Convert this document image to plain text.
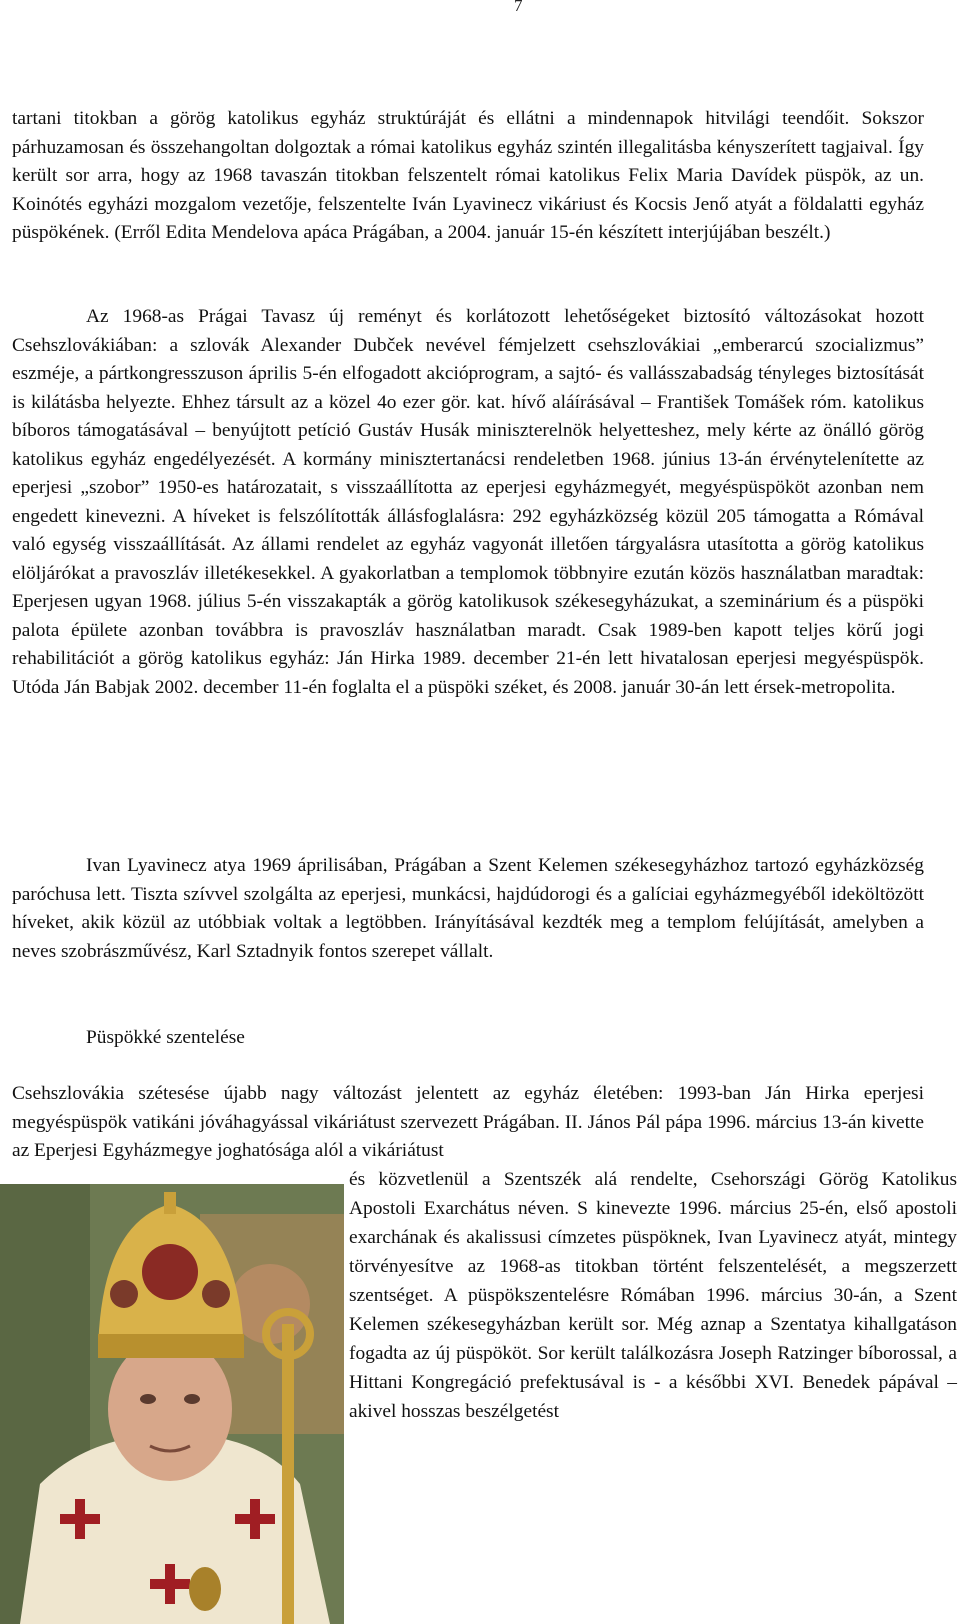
7

tartani titokban a görög katolikus egyház struktúráját és ellátni a mindennapok hitvilági teendőit. Sokszor párhuzamosan és összehangoltan dolgoztak a római katolikus egyház szintén illegalitásba kényszerített tagjaival. Így került sor arra, hogy az 1968 tavaszán titokban felszentelt római katolikus Felix Maria Davídek püspök, az un. Koinótés egyházi mozgalom vezetője, felszentelte Iván Lyavinecz vikáriust és Kocsis Jenő atyát a földalatti egyház püspökének. (Erről Edita Mendelova apáca Prágában, a 2004. január 15-én készített interjújában beszélt.)

Az 1968-as Prágai Tavasz új reményt és korlátozott lehetőségeket biztosító változásokat hozott Csehszlovákiában: a szlovák Alexander Dubček nevével fémjelzett csehszlovákiai „emberarcú szocializmus” eszméje, a pártkongresszuson április 5-én elfogadott akcióprogram, a sajtó- és vallásszabadság tényleges biztosítását is kilátásba helyezte. Ehhez társult az a közel 4o ezer gör. kat. hívő aláírásával – František Tomášek róm. katolikus bíboros támogatásával – benyújtott petíció Gustáv Husák miniszterelnök helyetteshez, mely kérte az önálló görög katolikus egyház engedélyezését. A kormány minisztertanácsi rendeletben 1968. június 13-án érvénytelenítette az eperjesi „szobor” 1950-es határozatait, s visszaállította az eperjesi egyházmegyét, megyéspüspököt azonban nem engedett kinevezni. A híveket is felszólították állásfoglalásra: 292 egyházközség közül 205 támogatta a Rómával való egység visszaállítását. Az állami rendelet az egyház vagyonát illetően tárgyalásra utasította a görög katolikus elöljárókat a pravoszláv illetékesekkel. A gyakorlatban a templomok többnyire ezután közös használatban maradtak: Eperjesen ugyan 1968. július 5-én visszakapták a görög katolikusok székesegyházukat, a szeminárium és a püspöki palota épülete azonban továbbra is pravoszláv használatban maradt. Csak 1989-ben kapott teljes körű jogi rehabilitációt a görög katolikus egyház: Ján Hirka 1989. december 21-én lett hivatalosan eperjesi megyéspüspök. Utóda Ján Babjak 2002. december 11-én foglalta el a püspöki széket, és 2008. január 30-án lett érsek-metropolita.

Ivan Lyavinecz atya 1969 áprilisában, Prágában a Szent Kelemen székesegyházhoz tartozó egyházközség paróchusa lett. Tiszta szívvel szolgálta az eperjesi, munkácsi, hajdúdorogi és a galíciai egyházmegyéből ideköltözött híveket, akik közül az utóbbiak voltak a legtöbben. Irányításával kezdték meg a templom felújítását, amelyben a neves szobrászművész, Karl Sztadnyik fontos szerepet vállalt.

Püspökké szentelése

Csehszlovákia szétesése újabb nagy változást jelentett az egyház életében: 1993-ban Ján Hirka eperjesi megyéspüspök vatikáni jóváhagyással vikáriátust szervezett Prágában. II. János Pál pápa 1996. március 13-án kivette az Eperjesi Egyházmegye joghatósága alól a vikáriátust

és közvetlenül a Szentszék alá rendelte, Csehországi Görög Katolikus Apostoli Exarchátus néven. S kinevezte 1996. március 25-én, első apostoli exarchának és akalissusi címzetes püspöknek, Ivan Lyavinecz atyát, mintegy törvényesítve az 1968-as titokban történt felszentelését, a megszerzett szentséget. A püspökszentelésre Rómában 1996. március 30-án, a Szent Kelemen székesegyházban került sor. Még aznap a Szentatya kihallgatáson fogadta az új püspököt. Sor került találkozásra Joseph Ratzinger bíborossal, a Hittani Kongregáció prefektusával is - a későbbi XVI. Benedek pápával – akivel hosszas beszélgetést
